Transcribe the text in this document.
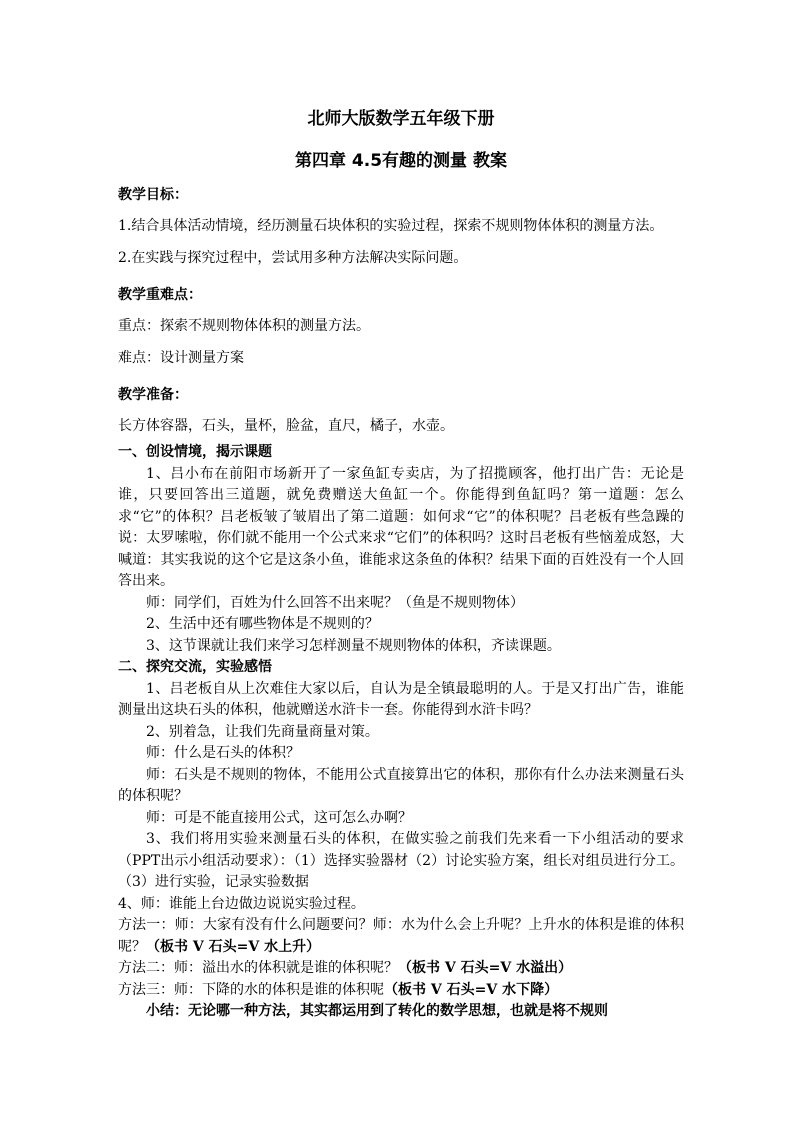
北师大版数学五年级下册
第四章 4.5有趣的测量 教案
教学目标：
1.结合具体活动情境，经历测量石块体积的实验过程，探索不规则物体体积的测量方法。
2.在实践与探究过程中，尝试用多种方法解决实际问题。
教学重难点：
重点：探索不规则物体体积的测量方法。
难点：设计测量方案
教学准备：
长方体容器，石头，量杯，脸盆，直尺，橘子，水壶。
一、创设情境，揭示课题
1、吕小布在前阳市场新开了一家鱼缸专卖店，为了招揽顾客，他打出广告：无论是谁，只要回答出三道题，就免费赠送大鱼缸一个。你能得到鱼缸吗？第一道题：怎么求“它”的体积？吕老板皱了皱眉出了第二道题：如何求“它”的体积呢？吕老板有些急躁的说：太罗嗦啦，你们就不能用一个公式来求“它们”的体积吗？这时吕老板有些恼羞成怒，大喊道：其实我说的这个它是这条小鱼，谁能求这条鱼的体积？结果下面的百姓没有一个人回答出来。
师：同学们，百姓为什么回答不出来呢？（鱼是不规则物体）
2、生活中还有哪些物体是不规则的？
3、这节课就让我们来学习怎样测量不规则物体的体积，齐读课题。
二、探究交流，实验感悟
1、吕老板自从上次难住大家以后，自认为是全镇最聪明的人。于是又打出广告，谁能测量出这块石头的体积，他就赠送水浒卡一套。你能得到水浒卡吗？
2、别着急，让我们先商量商量对策。
师：什么是石头的体积？
师：石头是不规则的物体，不能用公式直接算出它的体积，那你有什么办法来测量石头的体积呢？
师：可是不能直接用公式，这可怎么办啊？
3、我们将用实验来测量石头的体积，在做实验之前我们先来看一下小组活动的要求（PPT出示小组活动要求）：（1）选择实验器材（2）讨论实验方案，组长对组员进行分工。（3）进行实验，记录实验数据
4、师：谁能上台边做边说说实验过程。
方法一：师：大家有没有什么问题要问？师：水为什么会上升呢？上升水的体积是谁的体积呢？（板书 V 石头=V 水上升）
方法二：师：溢出水的体积就是谁的体积呢？（板书 V 石头=V 水溢出）
方法三：师：下降的水的体积是谁的体积呢（板书 V 石头=V 水下降）
小结：无论哪一种方法，其实都运用到了转化的数学思想，也就是将不规则
